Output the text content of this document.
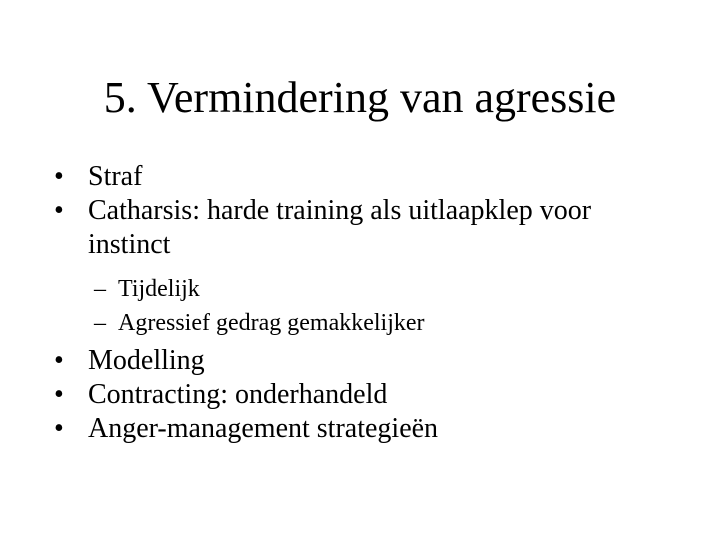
5. Vermindering van agressie

• Straf

• Catharsis: harde training als uitlaapklep voor instinct

– Tijdelijk

– Agressief gedrag gemakkelijker

• Modelling

• Contracting: onderhandeld

• Anger-management strategieën
